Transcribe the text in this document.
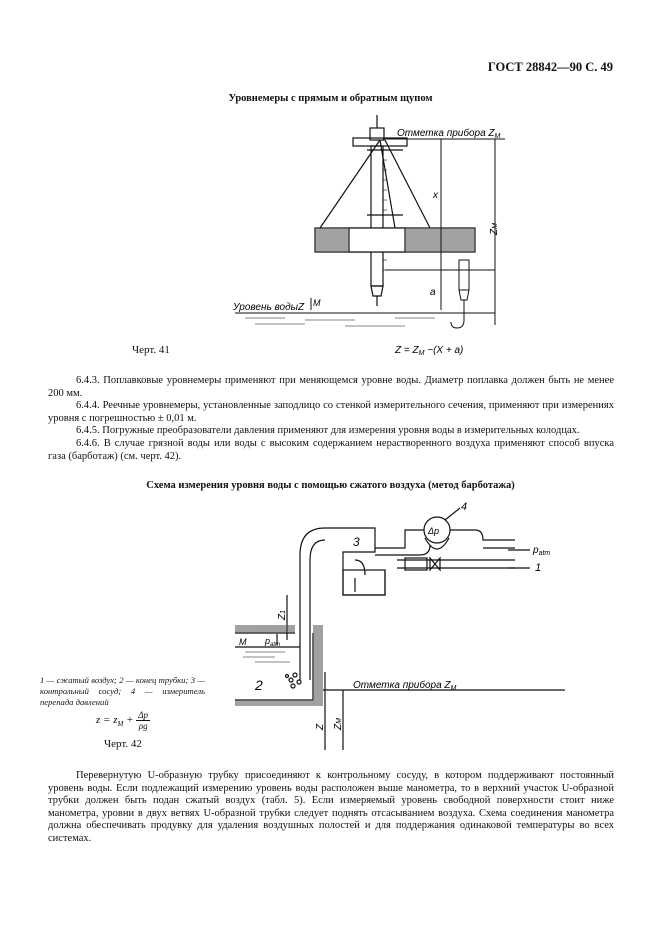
ГОСТ 28842—90 С. 49
Уровнемеры с прямым и обратным щупом
Отметка прибора $Z_M$
x
ZM
a
M
Уровень водыZ
$Z = Z_M -(X + a)$
Черт. 41

6.4.3. Поплавковые уровнемеры применяют при меняющемся уровне воды. Диаметр поплавка должен быть не менее 200 мм.

6.4.4. Реечные уровнемеры, установленные заподлицо со стенкой измерительного сечения, применяют при измерениях уровня с погрешностью ± 0,01 м.

6.4.5. Погружные преобразователи давления применяют для измерения уровня воды в измерительных колодцах.

6.4.6. В случае грязной воды или воды с высоким содержанием нерастворенного воздуха применяют способ впуска газа (барботаж) (см. черт. 42).

Схема измерения уровня воды с помощью сжатого воздуха (метод барботажа)
3
4
Δp
$p_{atm}$
1
Z1
M $p_{atm}$
2	Отметка прибора $Z_M$
Z ZM
1 — сжатый воздух; 2 — конец трубки; 3 — контрольный сосуд; 4 — измеритель перепада давлений
$z = z_M + \frac{\Delta p}{\rho g}$
Черт. 42

Перевернутую U-образную трубку присоединяют к контрольному сосуду, в котором поддерживают постоянный уровень воды. Если подлежащий измерению уровень воды расположен выше манометра, то в верхний участок U-образной трубки должен быть подан сжатый воздух (табл. 5). Если измеряемый уровень свободной поверхности стоит ниже манометра, уровни в двух ветвях U-образной трубки следует поднять отсасыванием воздуха. Схема соединения манометра должна обеспечивать продувку для удаления воздушных полостей и для поддержания одинаковой температуры во всех системах.
